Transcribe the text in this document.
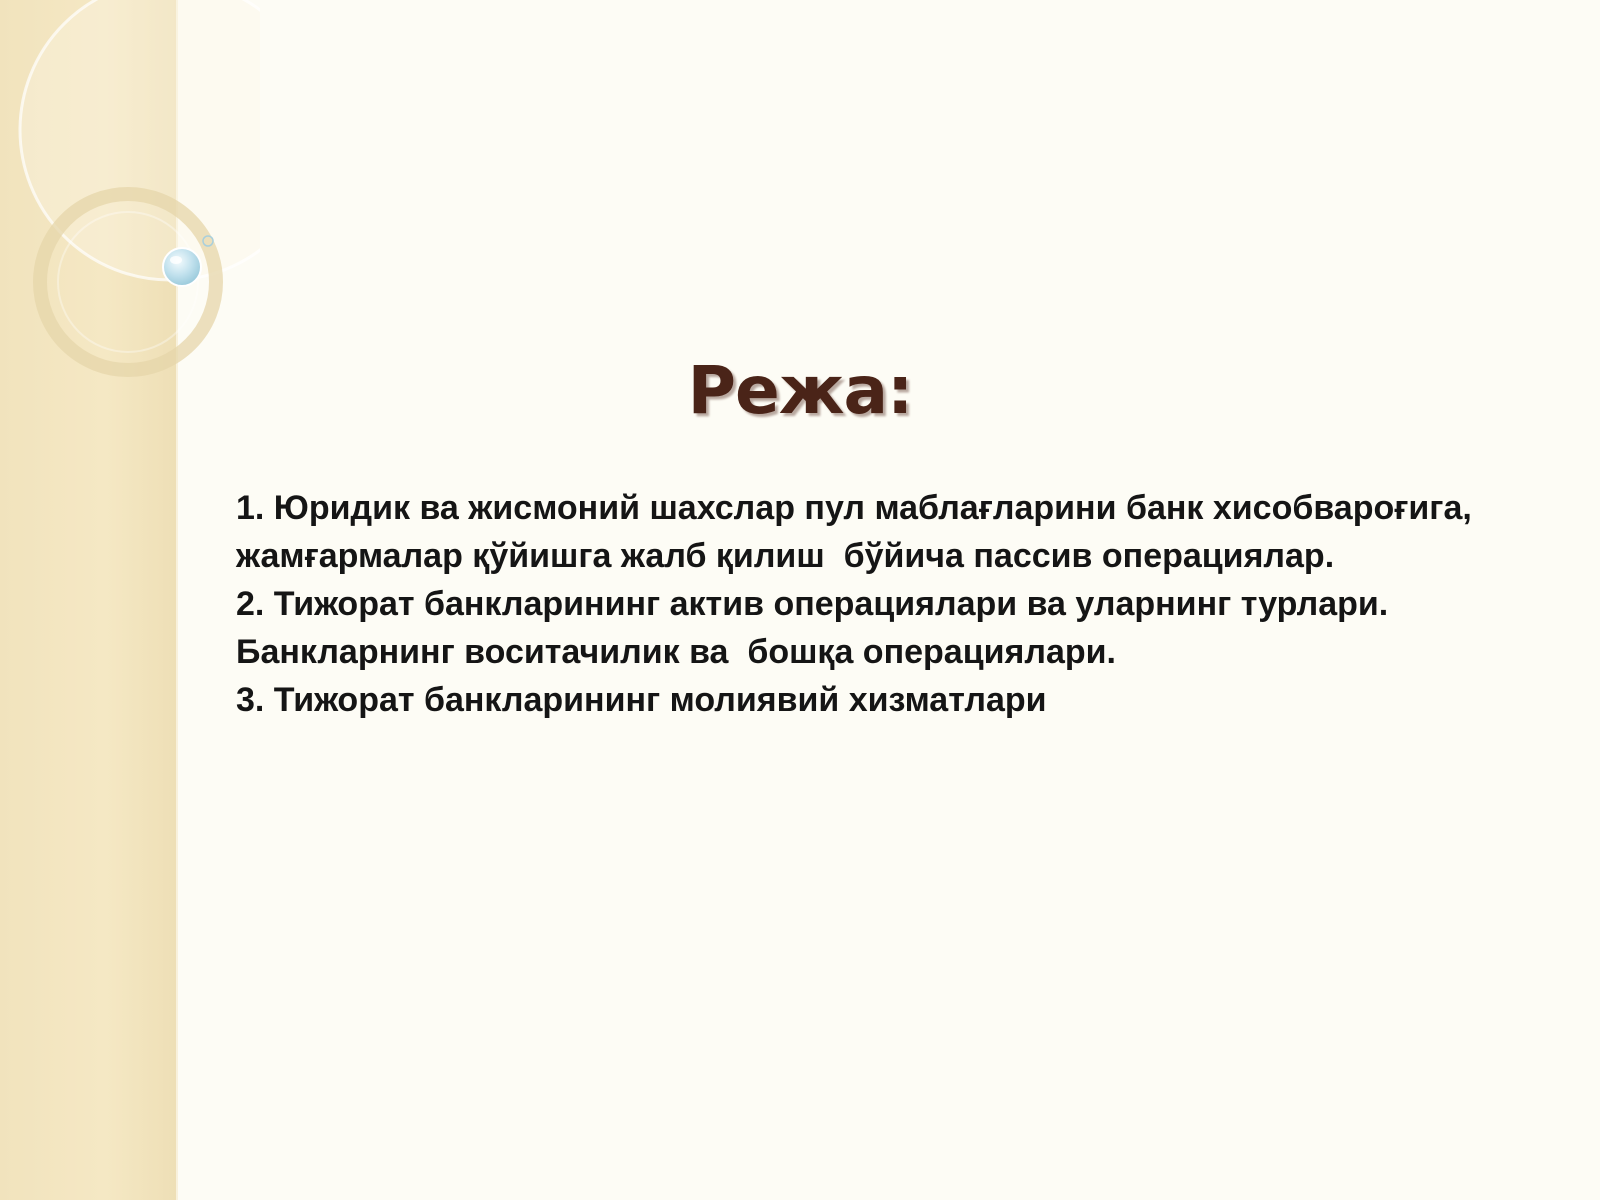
Режа:
1. Юридик ва жисмоний шахслар пул маблағларини банк хисобвароғига, жамғармалар қўйишга жалб қилиш  бўйича пассив операциялар.
2. Тижорат банкларининг актив операциялари ва уларнинг турлари. Банкларнинг воситачилик ва  бошқа операциялари.
3. Тижорат банкларининг молиявий хизматлари
